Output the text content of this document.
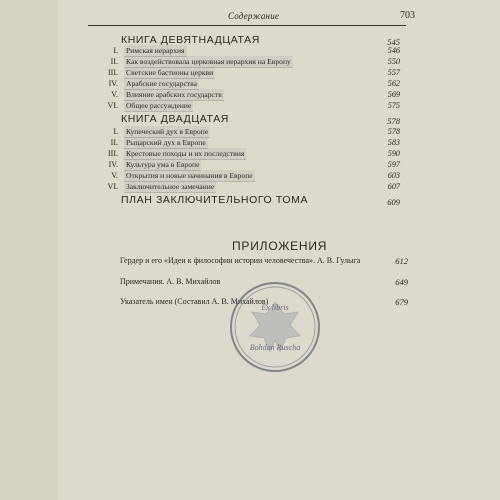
Содержание	703
КНИГА ДЕВЯТНАДЦАТАЯ	545
I. Римская иерархия	546
II. Как воздействовала церковная иерархия на Европу	550
III. Светские бастионы церкви	557
IV. Арабские государства	562
V. Влияние арабских государств	569
VI. Общее рассуждение	575
КНИГА ДВАДЦАТАЯ	578
I. Купеческий дух в Европе	578
II. Рыцарский дух в Европе	583
III. Крестовые походы и их последствия	590
IV. Культура ума в Европе	597
V. Открытия и новые начинания в Европе	603
VI. Заключительное замечание	607
ПЛАН ЗАКЛЮЧИТЕЛЬНОГО ТОМА	609
ПРИЛОЖЕНИЯ
Гердер и его «Идеи к философии истории человечества». А. В. Гулыга	612
Примечания. А. В. Михайлов	649
Указатель имен (Составил А. В. Михайлов)	679
Ex libris
Bohdan Ruscha
